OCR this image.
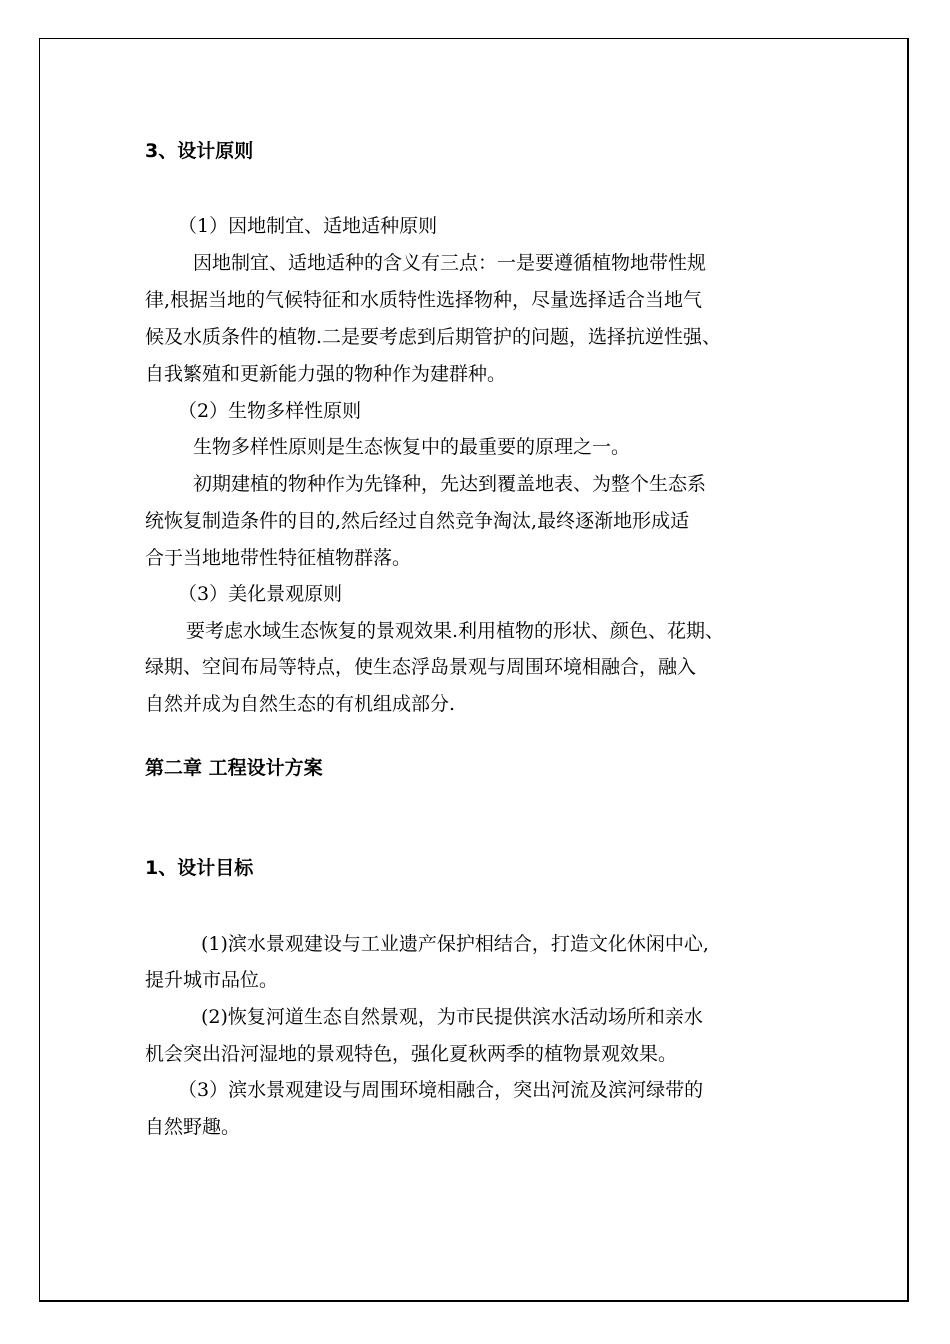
3、设计原则
（1）因地制宜、适地适种原则
因地制宜、适地适种的含义有三点：一是要遵循植物地带性规
律,根据当地的气候特征和水质特性选择物种，尽量选择适合当地气
候及水质条件的植物.二是要考虑到后期管护的问题，选择抗逆性强、
自我繁殖和更新能力强的物种作为建群种。
（2）生物多样性原则
生物多样性原则是生态恢复中的最重要的原理之一。
初期建植的物种作为先锋种，先达到覆盖地表、为整个生态系
统恢复制造条件的目的,然后经过自然竞争淘汰,最终逐渐地形成适
合于当地地带性特征植物群落。
（3）美化景观原则
要考虑水域生态恢复的景观效果.利用植物的形状、颜色、花期、
绿期、空间布局等特点，使生态浮岛景观与周围环境相融合，融入
自然并成为自然生态的有机组成部分.
第二章 工程设计方案
1、设计目标
(1)滨水景观建设与工业遗产保护相结合，打造文化休闲中心,
提升城市品位。
(2)恢复河道生态自然景观，为市民提供滨水活动场所和亲水
机会突出沿河湿地的景观特色，强化夏秋两季的植物景观效果。
（3）滨水景观建设与周围环境相融合，突出河流及滨河绿带的
自然野趣。
